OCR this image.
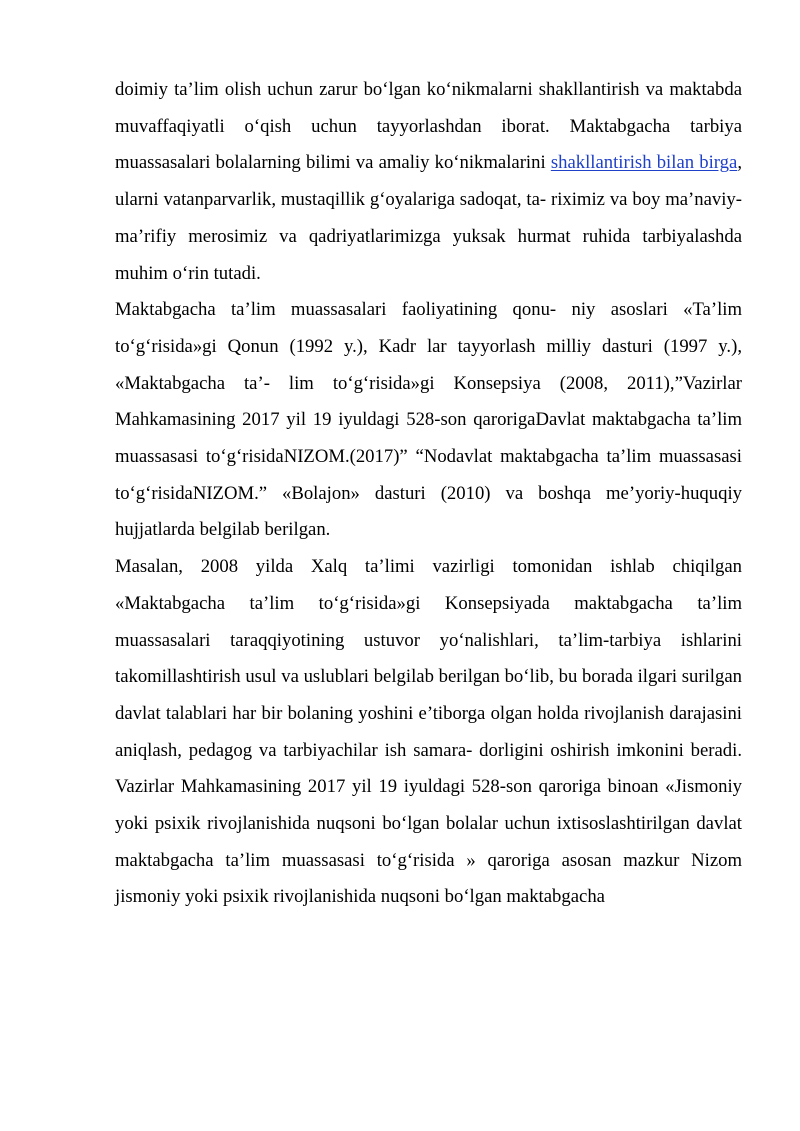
doimiy ta’lim olish uchun zarur bo‘lgan ko‘nikmalarni shakllantirish va maktabda muvaffaqiyatli o‘qish uchun tayyorlashdan iborat. Maktabgacha tarbiya muassasalari bolalarning bilimi va amaliy ko‘nikmalarini shakllantirish bilan birga, ularni vatanparvarlik, mustaqillik g‘oyalariga sadoqat, ta- riximiz va boy ma’naviy-ma’rifiy merosimiz va qadriyatlarimizga yuksak hurmat ruhida tarbiyalashda muhim o‘rin tutadi.

Maktabgacha ta’lim muassasalari faoliyatining qonu- niy asoslari «Ta’lim to‘g‘risida»gi Qonun (1992 y.), Kadr lar tayyorlash milliy dasturi (1997 y.), «Maktabgacha ta’- lim to‘g‘risida»gi Konsepsiya (2008, 2011),”Vazirlar Mahkamasining 2017 yil 19 iyuldagi 528-son qarorigaDavlat maktabgacha ta’lim muassasasi to‘g‘risidaNIZOM.(2017)” “Nodavlat maktabgacha ta’lim muassasasi to‘g‘risidaNIZOM.” «Bolajon» dasturi (2010) va boshqa me’yoriy-huquqiy hujjatlarda belgilab berilgan.

Masalan, 2008 yilda Xalq ta’limi vazirligi tomonidan ishlab chiqilgan «Maktabgacha ta’lim to‘g‘risida»gi Konsepsiyada maktabgacha ta’lim muassasalari taraqqiyotining ustuvor yo‘nalishlari, ta’lim-tarbiya ishlarini takomillashtirish usul va uslublari belgilab berilgan bo‘lib, bu borada ilgari surilgan davlat talablari har bir bolaning yoshini e’tiborga olgan holda rivojlanish darajasini aniqlash, pedagog va tarbiyachilar ish samara- dorligini oshirish imkonini beradi. Vazirlar Mahkamasining 2017 yil 19 iyuldagi 528-son qaroriga binoan «Jismoniy yoki psixik rivojlanishida nuqsoni bo‘lgan bolalar uchun ixtisoslashtirilgan davlat maktabgacha ta’lim muassasasi to‘g‘risida » qaroriga asosan mazkur Nizom jismoniy yoki psixik rivojlanishida nuqsoni bo‘lgan maktabgacha
